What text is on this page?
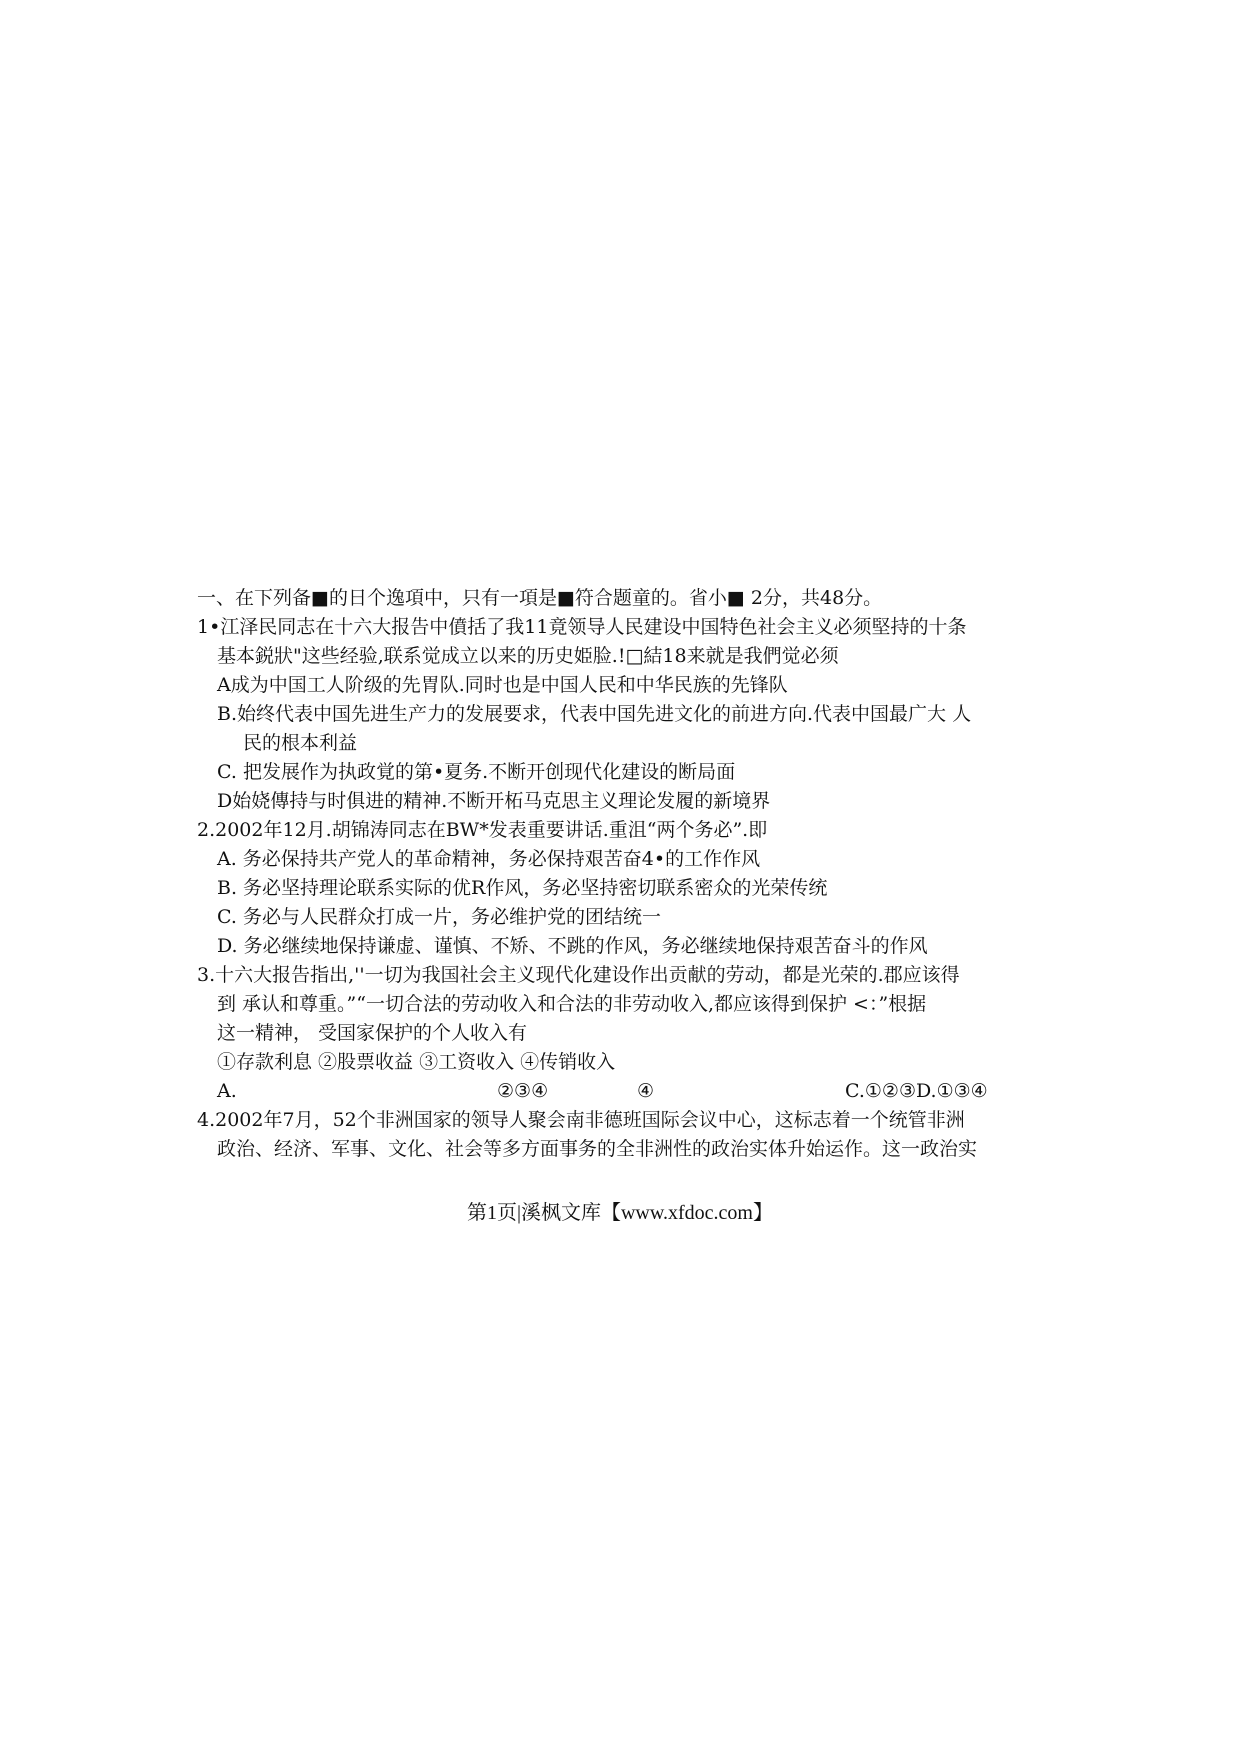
一、在下列备■的日个逸項中，只有一項是■符合题童的。省小■ 2分，共48分。
1•江泽民同志在十六大报告中僨括了我11竟领导人民建设中国特色社会主义必须堅持的十条
基本鋭狀"这些经验,联系觉成立以来的历史姫脸.!□結18来就是我們觉必须
A成为中国工人阶级的先胃队.同时也是中国人民和中华民族的先锋队
B.始终代表中国先进生产力的发展要求，代表中国先进文化的前进方向.代表中国最广大 人
民的根本利益
C. 把发展作为执政覚的第•夏务.不断开创现代化建设的断局面
D始娆傳持与时俱进的精神.不断开柘马克思主义理论发履的新境界
2.2002年12月.胡锦涛同志在BW*发表重要讲话.重沮“两个务必”.即
A. 务必保持共产党人的革命精神，务必保持艰苦奋4•的工作作风
B. 务必坚持理论联系实际的优R作风，务必坚持密切联系密众的光荣传统
C. 务必与人民群众打成一片，务必维护党的团结统一
D. 务必继续地保持谦虚、谨慎、不矫、不跳的作风，务必继续地保持艰苦奋斗的作风
3.十六大报告指出,''一切为我国社会主义现代化建设作出贡献的劳动，都是光荣的.郡应该得
到 承认和尊重。”“一切合法的劳动收入和合法的非劳动收入,都应该得到保护 <：”根据
这一精神， 受国家保护的个人收入有
①存款利息 ②股票收益 ③工资收入 ④传销收入
A.	②③④	④	C.①②③D.①③④
4.2002年7月，52个非洲国家的领导人聚会南非德班国际会议中心，这标志着一个统管非洲
政治、经济、军事、文化、社会等多方面事务的全非洲性的政治实体升始运作。这一政治实
第1页|溪枫文库【www.xfdoc.com】
